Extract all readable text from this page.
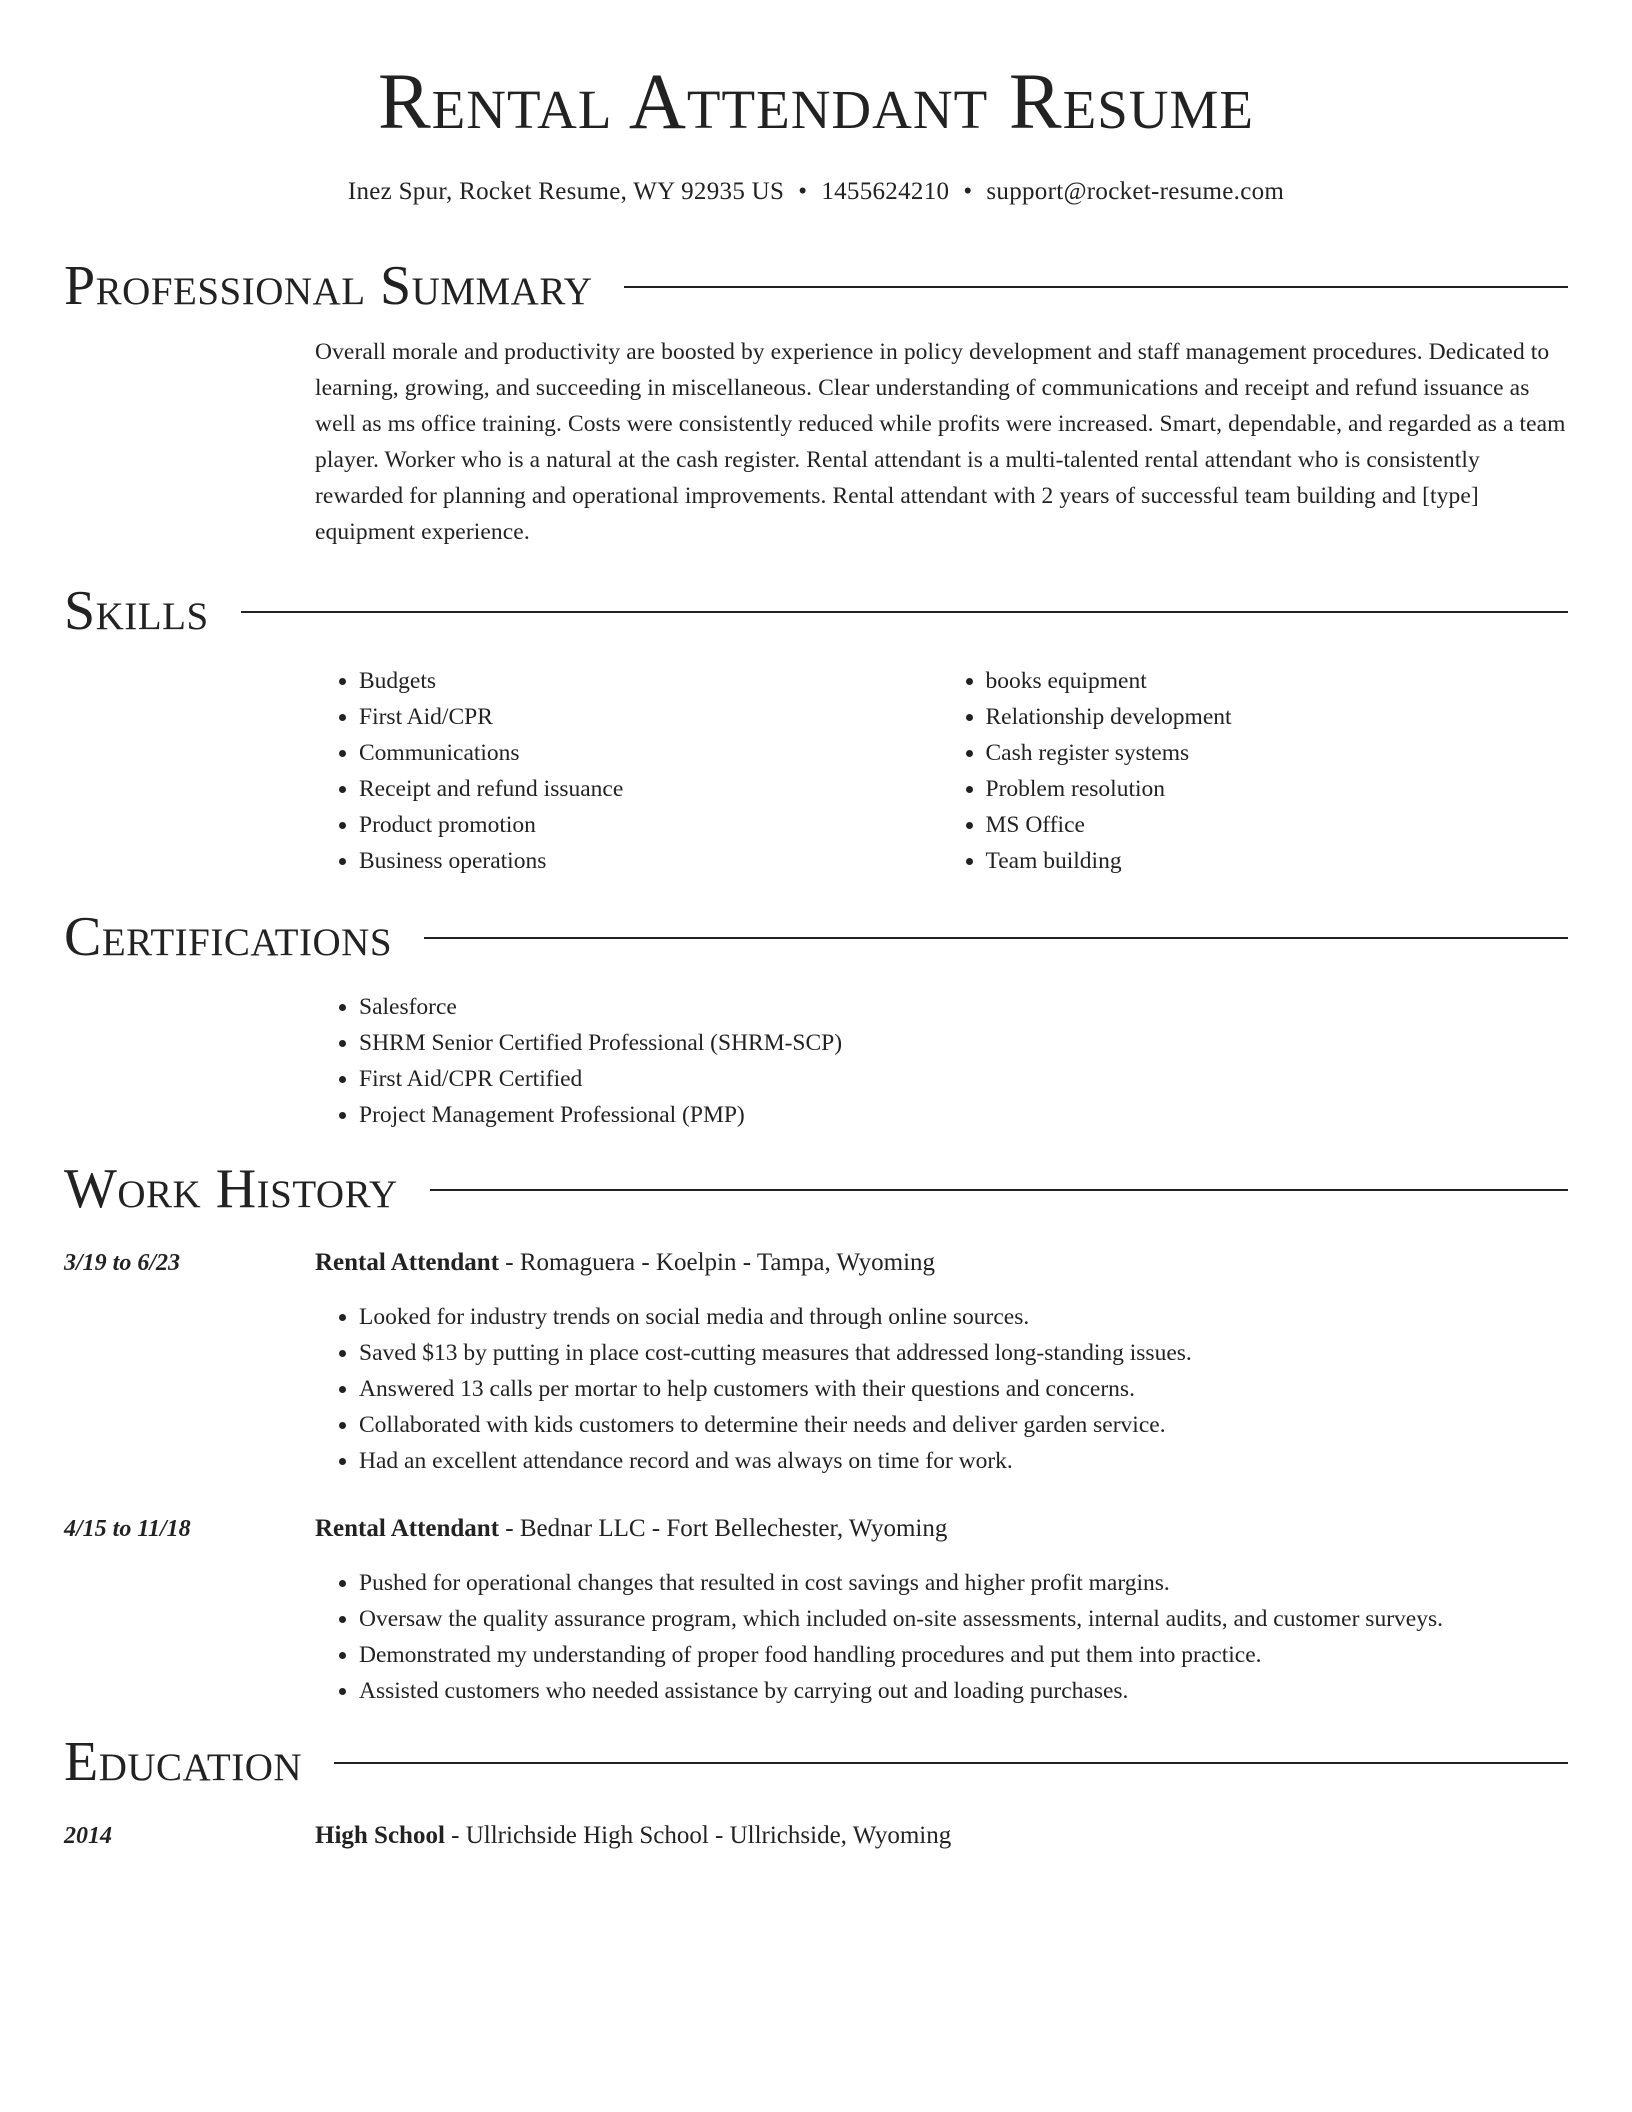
Rental Attendant Resume
Inez Spur, Rocket Resume, WY 92935 US • 1455624210 • support@rocket-resume.com
Professional Summary

Overall morale and productivity are boosted by experience in policy development and staff management procedures. Dedicated to learning, growing, and succeeding in miscellaneous. Clear understanding of communications and receipt and refund issuance as well as ms office training. Costs were consistently reduced while profits were increased. Smart, dependable, and regarded as a team player. Worker who is a natural at the cash register. Rental attendant is a multi-talented rental attendant who is consistently rewarded for planning and operational improvements. Rental attendant with 2 years of successful team building and [type] equipment experience.

Skills
• Budgets
• First Aid/CPR
• Communications
• Receipt and refund issuance
• Product promotion
• Business operations
• books equipment
• Relationship development
• Cash register systems
• Problem resolution
• MS Office
• Team building
Certifications
• Salesforce
• SHRM Senior Certified Professional (SHRM-SCP)
• First Aid/CPR Certified
• Project Management Professional (PMP)
Work History
3/19 to 6/23	Rental Attendant - Romaguera - Koelpin - Tampa, Wyoming
• Looked for industry trends on social media and through online sources.
• Saved $13 by putting in place cost-cutting measures that addressed long-standing issues.
• Answered 13 calls per mortar to help customers with their questions and concerns.
• Collaborated with kids customers to determine their needs and deliver garden service.
• Had an excellent attendance record and was always on time for work.
4/15 to 11/18	Rental Attendant - Bednar LLC - Fort Bellechester, Wyoming
• Pushed for operational changes that resulted in cost savings and higher profit margins.
• Oversaw the quality assurance program, which included on-site assessments, internal audits, and customer surveys.
• Demonstrated my understanding of proper food handling procedures and put them into practice.
• Assisted customers who needed assistance by carrying out and loading purchases.
Education
2014	High School - Ullrichside High School - Ullrichside, Wyoming
